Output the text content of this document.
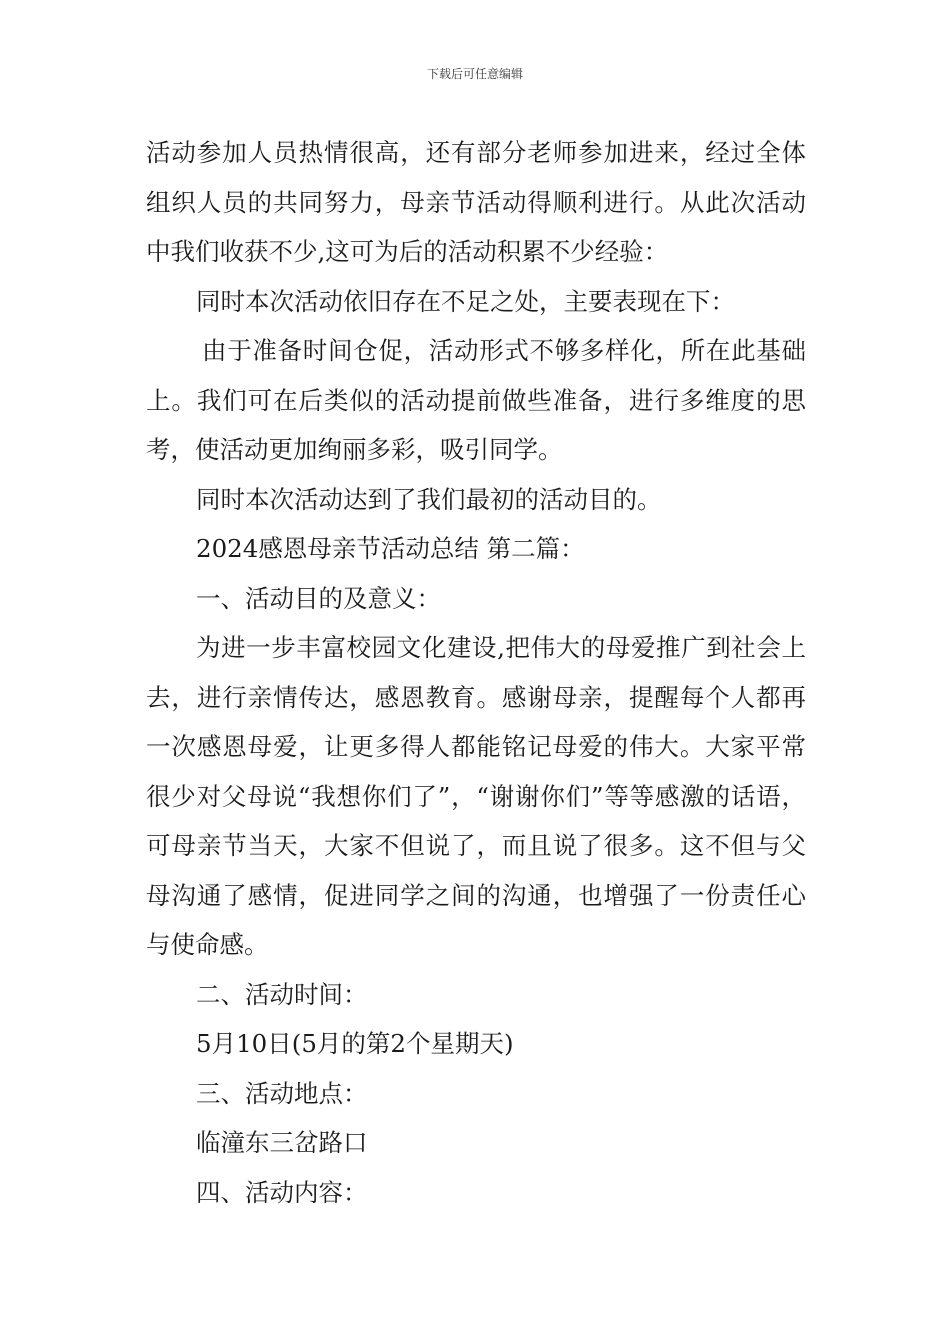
下载后可任意编辑

活动参加人员热情很高，还有部分老师参加进来，经过全体组织人员的共同努力，母亲节活动得顺利进行。从此次活动中我们收获不少,这可为后的活动积累不少经验：

同时本次活动依旧存在不足之处，主要表现在下：

由于准备时间仓促，活动形式不够多样化，所在此基础上。我们可在后类似的活动提前做些准备，进行多维度的思考，使活动更加绚丽多彩，吸引同学。

同时本次活动达到了我们最初的活动目的。

2024感恩母亲节活动总结 第二篇：

一、活动目的及意义：

为进一步丰富校园文化建设,把伟大的母爱推广到社会上去，进行亲情传达，感恩教育。感谢母亲，提醒每个人都再一次感恩母爱，让更多得人都能铭记母爱的伟大。大家平常很少对父母说“我想你们了”，“谢谢你们”等等感激的话语，可母亲节当天，大家不但说了，而且说了很多。这不但与父母沟通了感情，促进同学之间的沟通，也增强了一份责任心与使命感。

二、活动时间：

5月10日(5月的第2个星期天)

三、活动地点：

临潼东三岔路口

四、活动内容：
